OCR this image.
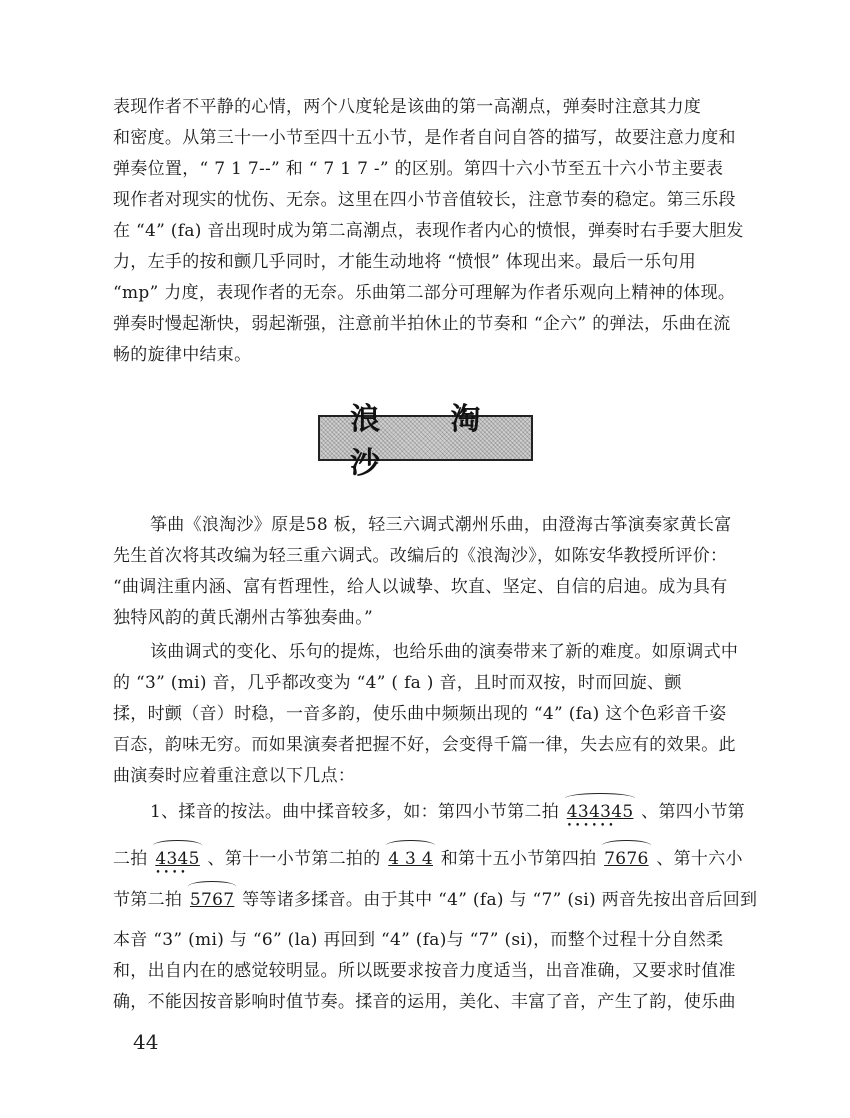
表现作者不平静的心情，两个八度轮是该曲的第一高潮点，弹奏时注意其力度
和密度。从第三十一小节至四十五小节，是作者自问自答的描写，故要注意力度和
弹奏位置，“ 7 1 7--” 和 “ 7 1 7 -” 的区别。第四十六小节至五十六小节主要表
现作者对现实的忧伤、无奈。这里在四小节音值较长，注意节奏的稳定。第三乐段
在 “4” (fa) 音出现时成为第二高潮点，表现作者内心的愤恨，弹奏时右手要大胆发
力，左手的按和颤几乎同时，才能生动地将 “愤恨” 体现出来。最后一乐句用
“mp” 力度，表现作者的无奈。乐曲第二部分可理解为作者乐观向上精神的体现。
弹奏时慢起渐快，弱起渐强，注意前半拍休止的节奏和 “企六” 的弹法，乐曲在流
畅的旋律中结束。
浪 淘 沙
筝曲《浪淘沙》原是58 板，轻三六调式潮州乐曲，由澄海古筝演奏家黄长富
先生首次将其改编为轻三重六调式。改编后的《浪淘沙》，如陈安华教授所评价：
“曲调注重内涵、富有哲理性，给人以诚挚、坎直、坚定、自信的启迪。成为具有
独特风韵的黄氏潮州古筝独奏曲。”
该曲调式的变化、乐句的提炼，也给乐曲的演奏带来了新的难度。如原调式中
的 “3” (mi) 音，几乎都改变为 “4” ( fa ) 音，且时而双按，时而回旋、颤
揉，时颤（音）时稳，一音多韵，使乐曲中频频出现的 “4” (fa) 这个色彩音千姿
百态，韵味无穷。而如果演奏者把握不好，会变得千篇一律，失去应有的效果。此
曲演奏时应着重注意以下几点：
1、揉音的按法。曲中揉音较多，如：第四小节第二拍 434345
••••••
、第四小节第
二拍 4345
••••
、第十一小节第二拍的 4 3 4 和第十五小节第四拍 7676 、第十六小
节第二拍 5767 等等诸多揉音。由于其中 “4” (fa) 与 “7” (si) 两音先按出音后回到
本音 “3” (mi) 与 “6” (la) 再回到 “4” (fa)与 “7” (si)，而整个过程十分自然柔
和，出自内在的感觉较明显。所以既要求按音力度适当，出音准确，又要求时值准
确，不能因按音影响时值节奏。揉音的运用，美化、丰富了音，产生了韵，使乐曲
44
